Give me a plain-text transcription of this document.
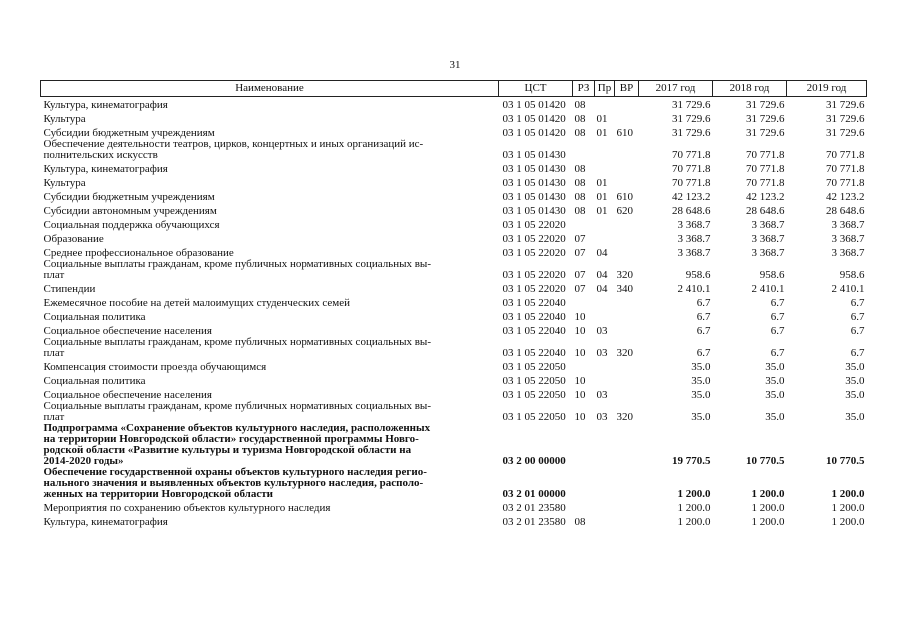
31
Наименование	ЦСТ	РЗ	Пр	ВР	2017 год	2018 год	2019 год
Культура, кинематография	03 1 05 01420	08			31 729.6	31 729.6	31 729.6
Культура	03 1 05 01420	08	01		31 729.6	31 729.6	31 729.6
Субсидии бюджетным учреждениям	03 1 05 01420	08	01	610	31 729.6	31 729.6	31 729.6
Обеспечение деятельности театров, цирков, концертных и иных организаций ис-
полнительских искусств	03 1 05 01430				70 771.8	70 771.8	70 771.8
Культура, кинематография	03 1 05 01430	08			70 771.8	70 771.8	70 771.8
Культура	03 1 05 01430	08	01		70 771.8	70 771.8	70 771.8
Субсидии бюджетным учреждениям	03 1 05 01430	08	01	610	42 123.2	42 123.2	42 123.2
Субсидии автономным учреждениям	03 1 05 01430	08	01	620	28 648.6	28 648.6	28 648.6
Социальная поддержка обучающихся	03 1 05 22020				3 368.7	3 368.7	3 368.7
Образование	03 1 05 22020	07			3 368.7	3 368.7	3 368.7
Среднее профессиональное образование	03 1 05 22020	07	04		3 368.7	3 368.7	3 368.7
Социальные выплаты гражданам, кроме публичных нормативных социальных вы-
плат	03 1 05 22020	07	04	320	958.6	958.6	958.6
Стипендии	03 1 05 22020	07	04	340	2 410.1	2 410.1	2 410.1
Ежемесячное пособие на детей малоимущих студенческих семей	03 1 05 22040				6.7	6.7	6.7
Социальная политика	03 1 05 22040	10			6.7	6.7	6.7
Социальное обеспечение населения	03 1 05 22040	10	03		6.7	6.7	6.7
Социальные выплаты гражданам, кроме публичных нормативных социальных вы-
плат	03 1 05 22040	10	03	320	6.7	6.7	6.7
Компенсация стоимости проезда обучающимся	03 1 05 22050				35.0	35.0	35.0
Социальная политика	03 1 05 22050	10			35.0	35.0	35.0
Социальное обеспечение населения	03 1 05 22050	10	03		35.0	35.0	35.0
Социальные выплаты гражданам, кроме публичных нормативных социальных вы-
плат	03 1 05 22050	10	03	320	35.0	35.0	35.0
Подпрограмма «Сохранение объектов культурного наследия, расположенных
на территории Новгородской области» государственной программы Новго-
родской области «Развитие культуры и туризма Новгородской области на
2014-2020 годы»	03 2 00 00000				19 770.5	10 770.5	10 770.5
Обеспечение государственной охраны объектов культурного наследия регио-
нального значения и выявленных объектов культурного наследия, располо-
женных на территории Новгородской области	03 2 01 00000				1 200.0	1 200.0	1 200.0
Мероприятия по сохранению объектов культурного наследия	03 2 01 23580				1 200.0	1 200.0	1 200.0
Культура, кинематография	03 2 01 23580	08			1 200.0	1 200.0	1 200.0
